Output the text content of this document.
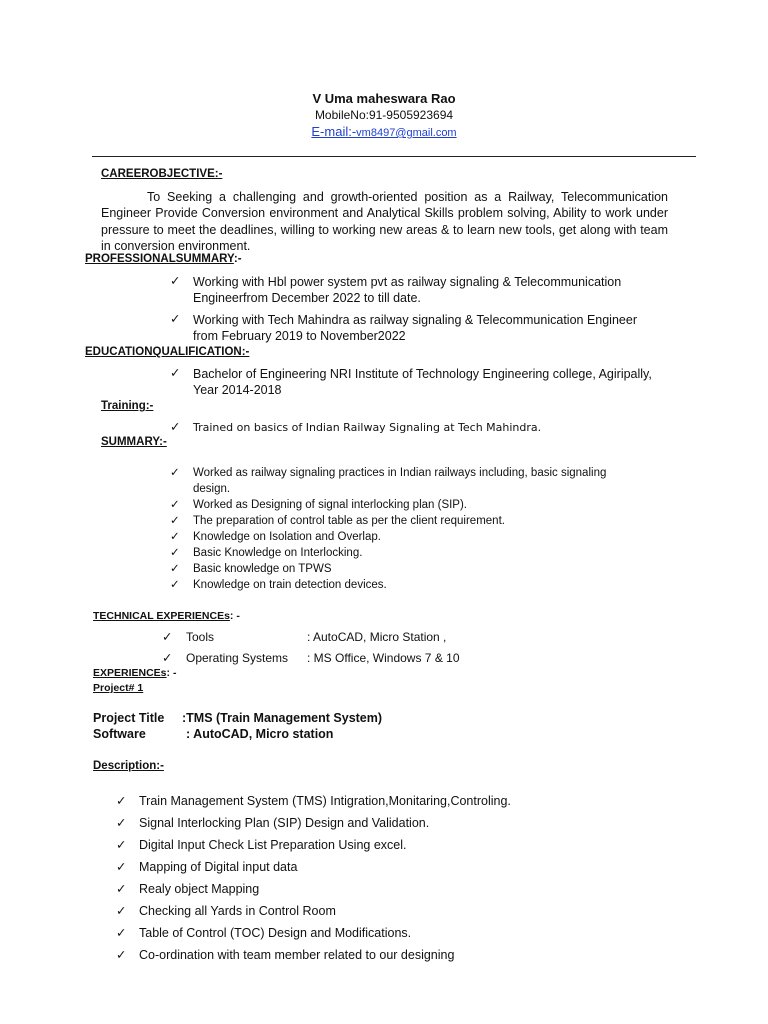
V Uma maheswara Rao
MobileNo:91-9505923694
E-mail:-vm8497@gmail.com
CAREEROBJECTIVE:-
To Seeking a challenging and growth-oriented position as a Railway, Telecommunication Engineer Provide Conversion environment and Analytical Skills problem solving, Ability to work under pressure to meet the deadlines, willing to working new areas & to learn new tools, get along with team in conversion environment.
PROFESSIONALSUMMARY:-
✓ Working with Hbl power system pvt as railway signaling & Telecommunication
Engineerfrom December 2022 to till date.
✓ Working with Tech Mahindra as railway signaling & Telecommunication Engineer
from February 2019 to November2022
EDUCATIONQUALIFICATION:-
✓ Bachelor of Engineering NRI Institute of Technology Engineering college, Agiripally,
Year 2014-2018
Training:-
✓ Trained on basics of Indian Railway Signaling at Tech Mahindra.
SUMMARY:-
✓ Worked as railway signaling practices in Indian railways including, basic signaling
design.
✓ Worked as Designing of signal interlocking plan (SIP).
✓ The preparation of control table as per the client requirement.
✓ Knowledge on Isolation and Overlap.
✓ Basic Knowledge on Interlocking.
✓ Basic knowledge on TPWS
✓ Knowledge on train detection devices.
TECHNICAL EXPERIENCEs: -
✓ Tools	: AutoCAD, Micro Station ,
✓ Operating Systems : MS Office, Windows 7 & 10
EXPERIENCEs: -
Project# 1
Project Title :TMS (Train Management System)
Software	: AutoCAD, Micro station
Description:-
✓ Train Management System (TMS) Intigration,Monitaring,Controling.
✓ Signal Interlocking Plan (SIP) Design and Validation.
✓ Digital Input Check List Preparation Using excel.
✓ Mapping of Digital input data
✓ Realy object Mapping
✓ Checking all Yards in Control Room
✓ Table of Control (TOC) Design and Modifications.
✓ Co-ordination with team member related to our designing
